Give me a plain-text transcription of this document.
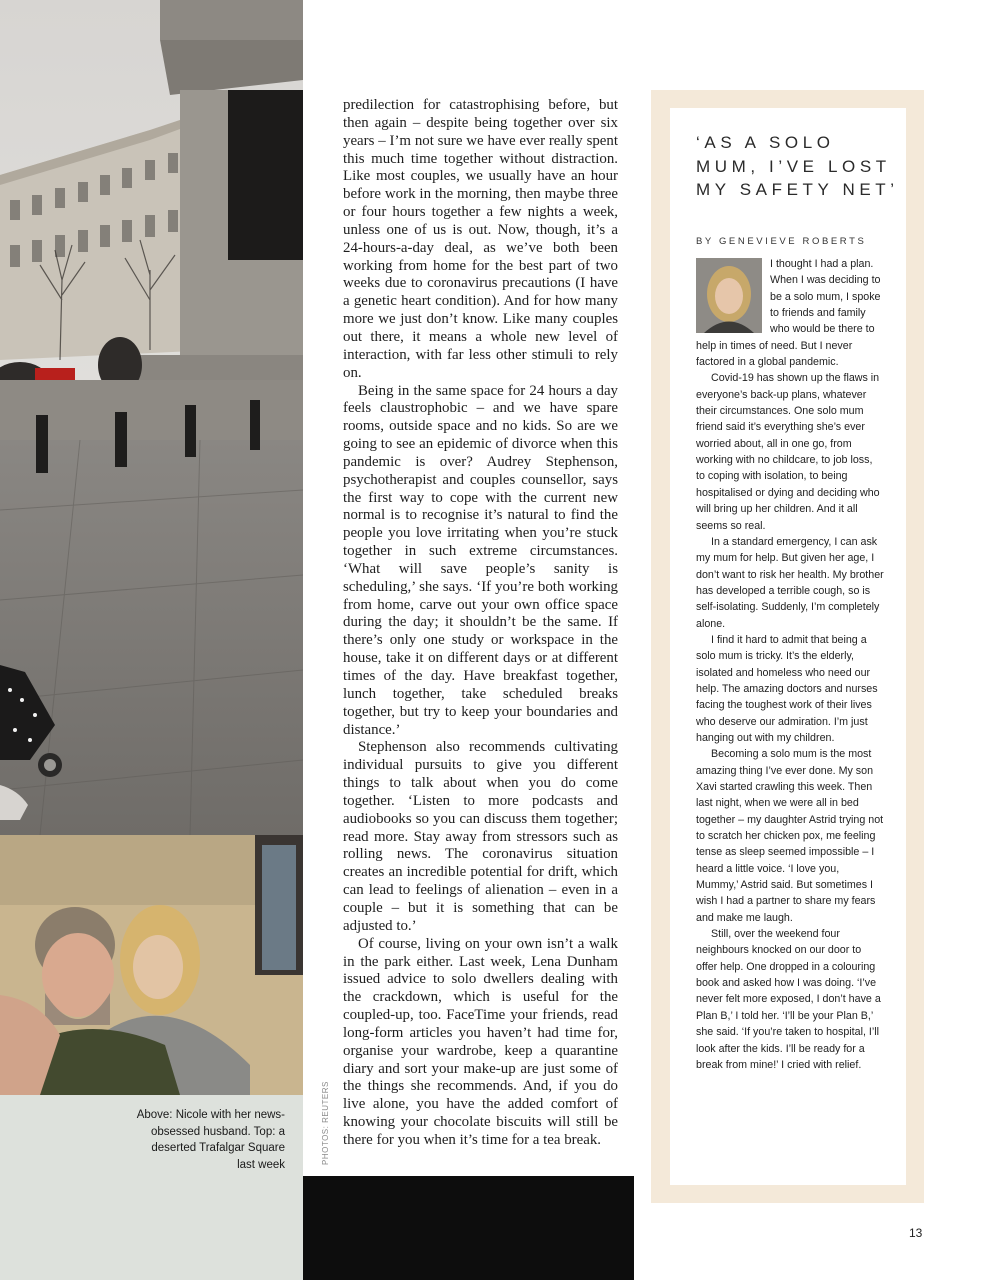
Above: Nicole with her news-obsessed husband. Top: a deserted Trafalgar Square last week	PHOTOS: REUTERS

predilection for catastrophising before, but then again – despite being together over six years – I’m not sure we have ever really spent this much time together without distraction. Like most couples, we usually have an hour before work in the morning, then maybe three or four hours together a few nights a week, unless one of us is out. Now, though, it’s a 24-hours-a-day deal, as we’ve both been working from home for the best part of two weeks due to coronavirus precautions (I have a genetic heart condition). And for how many more we just don’t know. Like many couples out there, it means a whole new level of interaction, with far less other stimuli to rely on.

Being in the same space for 24 hours a day feels claustrophobic – and we have spare rooms, outside space and no kids. So are we going to see an epidemic of divorce when this pandemic is over? Audrey Stephenson, psychotherapist and couples counsellor, says the first way to cope with the current new normal is to recognise it’s natural to find the people you love irritating when you’re stuck together in such extreme circumstances. ‘What will save people’s sanity is scheduling,’ she says. ‘If you’re both working from home, carve out your own office space during the day; it shouldn’t be the same. If there’s only one study or workspace in the house, take it on different days or at different times of the day. Have breakfast together, lunch together, take scheduled breaks together, but try to keep your boundaries and distance.’

Stephenson also recommends cultivating individual pursuits to give you different things to talk about when you do come together. ‘Listen to more podcasts and audiobooks so you can discuss them together; read more. Stay away from stressors such as rolling news. The coronavirus situation creates an incredible potential for drift, which can lead to feelings of alienation – even in a couple – but it is something that can be adjusted to.’

Of course, living on your own isn’t a walk in the park either. Last week, Lena Dunham issued advice to solo dwellers dealing with the crackdown, which is useful for the coupled-up, too. FaceTime your friends, read long-form articles you haven’t had time for, organise your wardrobe, keep a quarantine diary and sort your make-up are just some of the things she recommends. And, if you do live alone, you have the added comfort of knowing your chocolate biscuits will still be there for you when it’s time for a tea break.

‘AS A SOLO MUM, I’VE LOST MY SAFETY NET’
BY GENEVIEVE ROBERTS

I thought I had a plan. When I was deciding to be a solo mum, I spoke to friends and family who would be there to help in times of need. But I never factored in a global pandemic.

Covid-19 has shown up the flaws in everyone’s back-up plans, whatever their circumstances. One solo mum friend said it’s everything she’s ever worried about, all in one go, from working with no childcare, to job loss, to coping with isolation, to being hospitalised or dying and deciding who will bring up her children. And it all seems so real.

In a standard emergency, I can ask my mum for help. But given her age, I don’t want to risk her health. My brother has developed a terrible cough, so is self-isolating. Suddenly, I’m completely alone.

I find it hard to admit that being a solo mum is tricky. It’s the elderly, isolated and homeless who need our help. The amazing doctors and nurses facing the toughest work of their lives who deserve our admiration. I’m just hanging out with my children.

Becoming a solo mum is the most amazing thing I’ve ever done. My son Xavi started crawling this week. Then last night, when we were all in bed together – my daughter Astrid trying not to scratch her chicken pox, me feeling tense as sleep seemed impossible – I heard a little voice. ‘I love you, Mummy,’ Astrid said. But sometimes I wish I had a partner to share my fears and make me laugh.

Still, over the weekend four neighbours knocked on our door to offer help. One dropped in a colouring book and asked how I was doing. ‘I’ve never felt more exposed, I don’t have a Plan B,’ I told her. ‘I’ll be your Plan B,’ she said. ‘If you’re taken to hospital, I’ll look after the kids. I’ll be ready for a break from mine!’ I cried with relief.

13
